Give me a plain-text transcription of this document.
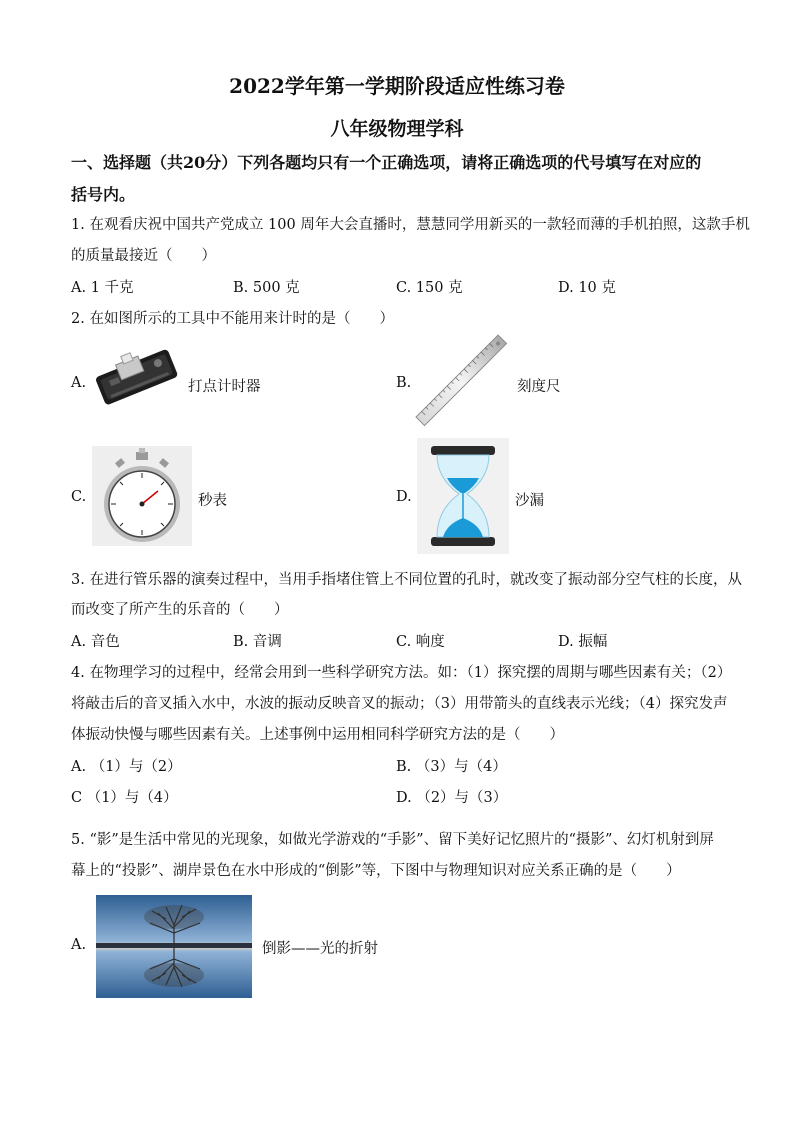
2022学年第一学期阶段适应性练习卷
八年级物理学科
一、选择题（共20分）下列各题均只有一个正确选项，请将正确选项的代号填写在对应的
括号内。
1. 在观看庆祝中国共产党成立 100 周年大会直播时，慧慧同学用新买的一款轻而薄的手机拍照，这款手机
的质量最接近（　　）
A. 1 千克	B. 500 克	C. 150 克	D. 10 克
2. 在如图所示的工具中不能用来计时的是（　　）
A.	打点计时器	B.	刻度尺
C.	秒表	D.	沙漏
3. 在进行管乐器的演奏过程中，当用手指堵住管上不同位置的孔时，就改变了振动部分空气柱的长度，从
而改变了所产生的乐音的（　　）
A. 音色	B. 音调	C. 响度	D. 振幅
4. 在物理学习的过程中，经常会用到一些科学研究方法。如：（1）探究摆的周期与哪些因素有关；（2）
将敲击后的音叉插入水中，水波的振动反映音叉的振动；（3）用带箭头的直线表示光线；（4）探究发声
体振动快慢与哪些因素有关。上述事例中运用相同科学研究方法的是（　　）
A. （1）与（2）	B. （3）与（4）
C （1）与（4）	D. （2）与（3）
5. “影”是生活中常见的光现象，如做光学游戏的“手影”、留下美好记忆照片的“摄影”、幻灯机射到屏
幕上的“投影”、湖岸景色在水中形成的“倒影”等，下图中与物理知识对应关系正确的是（　　）
A.	倒影——光的折射
